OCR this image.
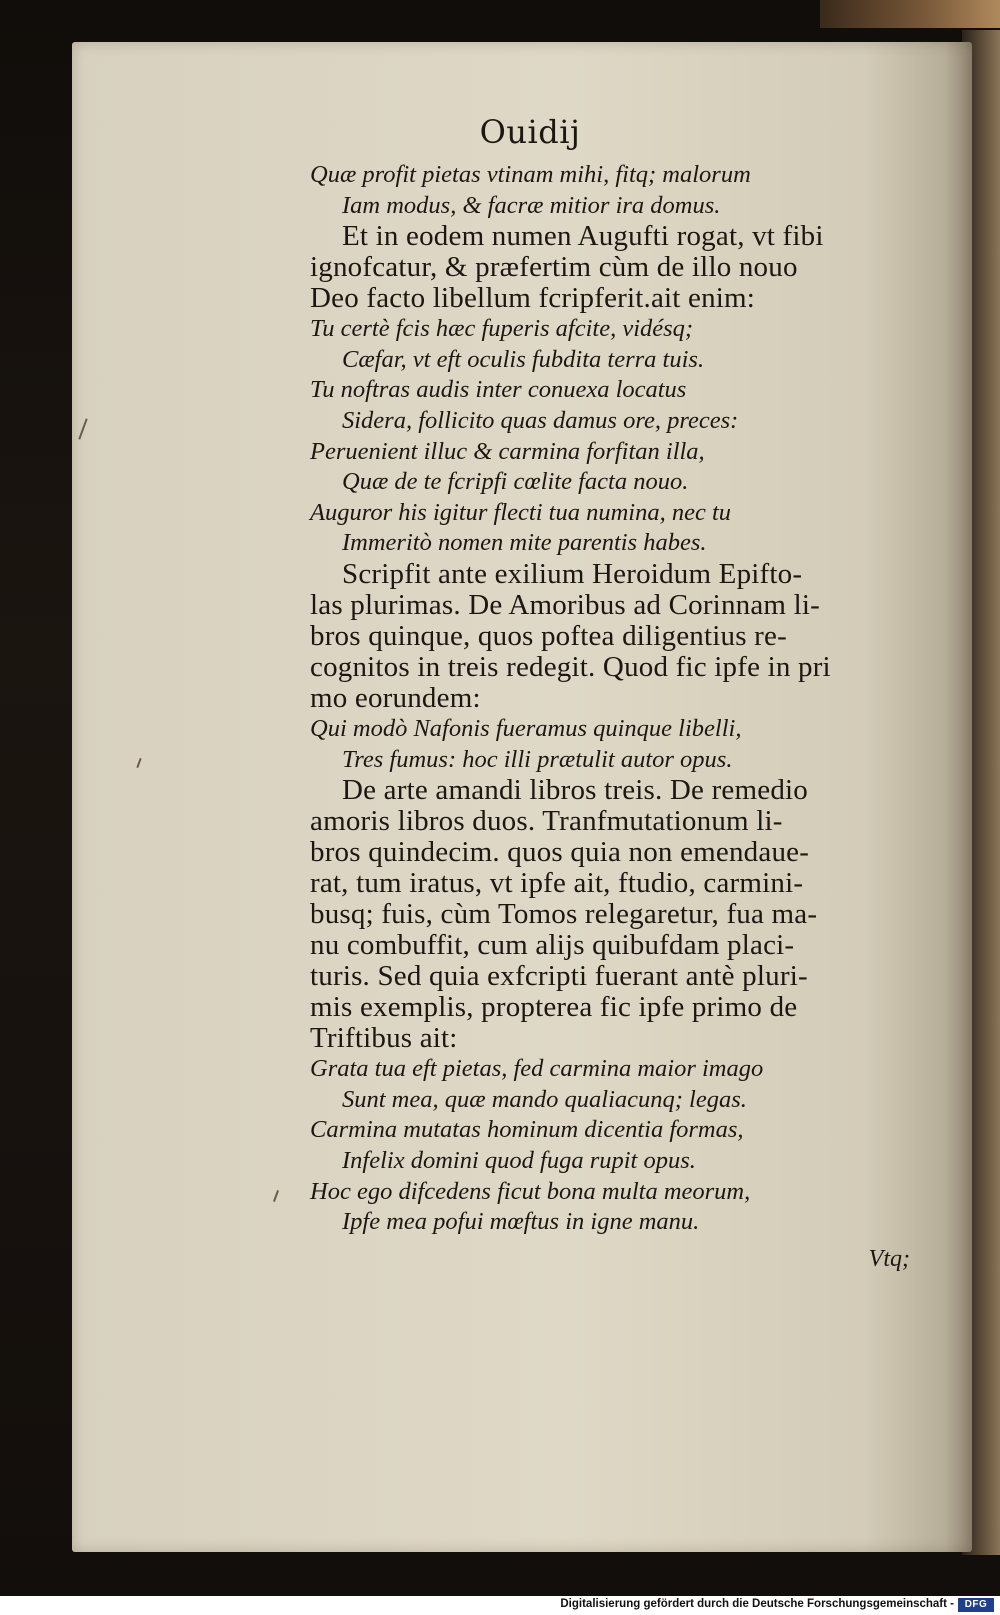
Ouidij
Quæ profit pietas vtinam mihi, fitq; malorum
Iam modus, & facræ mitior ira domus.
Et in eodem numen Augufti rogat, vt fibi
ignofcatur, & præfertim cùm de illo nouo
Deo facto libellum fcripferit.ait enim:
Tu certè fcis hæc fuperis afcite, vidésq;
Cæfar, vt eft oculis fubdita terra tuis.
Tu noftras audis inter conuexa locatus
Sidera, follicito quas damus ore, preces:
Peruenient illuc & carmina forfitan illa,
Quæ de te fcripfi cœlite facta nouo.
Auguror his igitur flecti tua numina, nec tu
Immeritò nomen mite parentis habes.
Scripfit ante exilium Heroidum Epifto-
las plurimas. De Amoribus ad Corinnam li-
bros quinque, quos poftea diligentius re-
cognitos in treis redegit. Quod fic ipfe in pri
mo eorundem:
Qui modò Nafonis fueramus quinque libelli,
Tres fumus: hoc illi prætulit autor opus.
De arte amandi libros treis. De remedio
amoris libros duos. Tranfmutationum li-
bros quindecim. quos quia non emendaue-
rat, tum iratus, vt ipfe ait, ftudio, carmini-
busq; fuis, cùm Tomos relegaretur, fua ma-
nu combuffit, cum alijs quibufdam placi-
turis. Sed quia exfcripti fuerant antè pluri-
mis exemplis, propterea fic ipfe primo de
Triftibus ait:
Grata tua eft pietas, fed carmina maior imago
Sunt mea, quæ mando qualiacunq; legas.
Carmina mutatas hominum dicentia formas,
Infelix domini quod fuga rupit opus.
Hoc ego difcedens ficut bona multa meorum,
Ipfe mea pofui mœftus in igne manu.
Vtq;
Digitalisierung gefördert durch die Deutsche Forschungsgemeinschaft -	DFG
